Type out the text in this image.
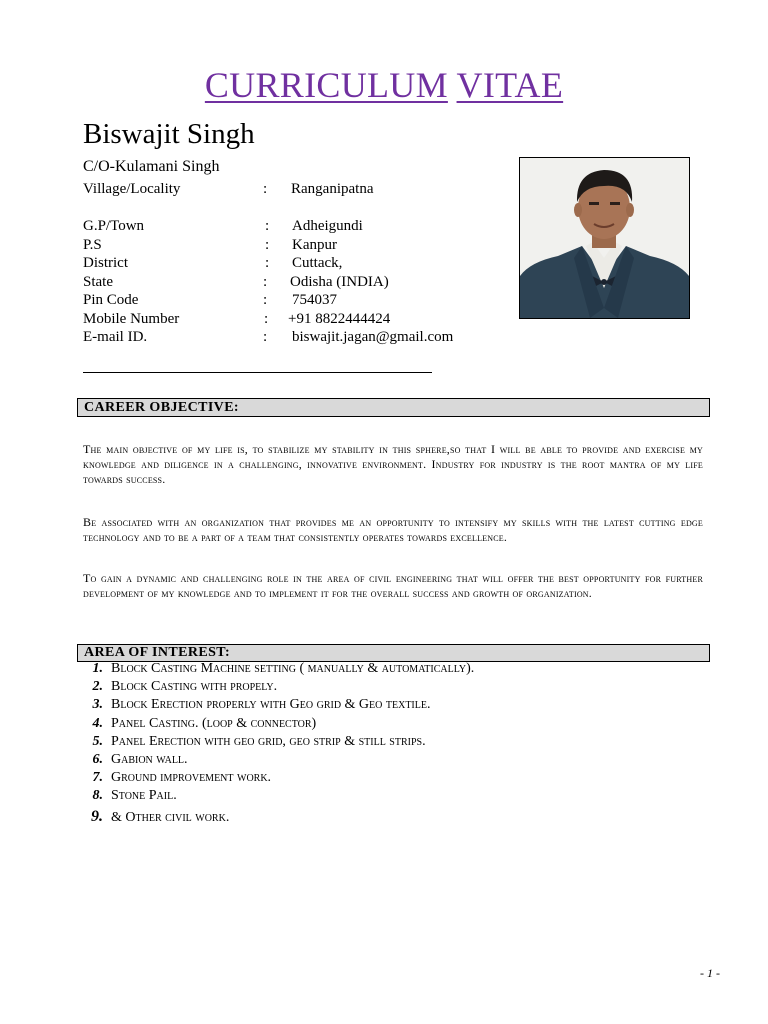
CURRICULUM VITAE
Biswajit Singh
C/O-Kulamani Singh
Village/Locality	: Ranganipatna
G.P/Town	: Adheigundi
P.S	: Kanpur
District	: Cuttack,
State	: Odisha (INDIA)
Pin Code	: 754037
Mobile Number	: +91 8822444424
E-mail ID.	: biswajit.jagan@gmail.com
CAREER OBJECTIVE:
The main objective of my life is, to stabilize my stability in this sphere,so that I will be able to provide and exercise my knowledge and diligence in a challenging, innovative environment. Industry for industry is the root mantra of my life towards success.
Be associated with an organization that provides me an opportunity to intensify my skills with the latest cutting edge technology and to be a part of a team that consistently operates towards excellence.
To gain a dynamic and challenging role in the area of civil engineering that will offer the best opportunity for further development of my knowledge and to implement it for the overall success and growth of organization.
AREA OF INTEREST:
1. Block Casting Machine setting ( manually & automatically).
2. Block Casting with propely.
3. Block Erection properly with Geo grid & Geo textile.
4. Panel Casting. (loop & connector)
5. Panel Erection with geo grid, geo strip & still strips.
6. Gabion wall.
7. Ground improvement work.
8. Stone Pail.
9. & Other civil work.
- 1 -
